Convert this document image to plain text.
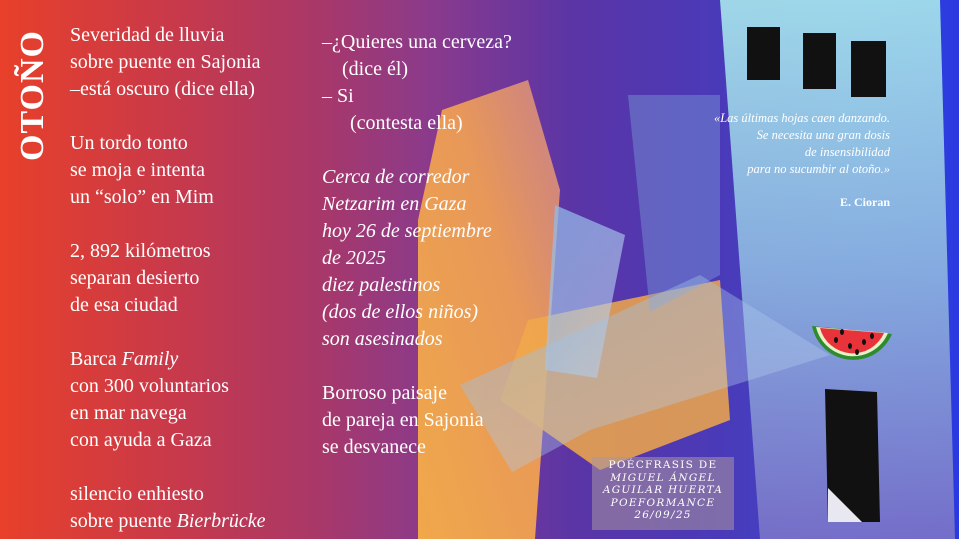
OTOÑO Severidad de lluvia

sobre puente en Sajonia

–está oscuro (dice ella)

Un tordo tonto

se moja e intenta

un “solo” en Mim

2, 892 kilómetros

separan desierto

de esa ciudad

Barca Family

con 300 voluntarios

en mar navega

con ayuda a Gaza

silencio enhiesto

sobre puente Bierbrücke

–¿Quieres una cerveza?

(dice él)

– Si

(contesta ella)

Cerca de corredor

Netzarim en Gaza

hoy 26 de septiembre

de 2025

diez palestinos

(dos de ellos niños)

son asesinados

Borroso paisaje

de pareja en Sajonia

se desvanece

«Las últimas hojas caen danzando.
Se necesita una gran dosis
de insensibilidad
para no sucumbir al otoño.»
E. Cioran
POÉCFRASIS DE
MIGUEL ÁNGEL
AGUILAR HUERTA
POEFORMANCE
26/09/25
